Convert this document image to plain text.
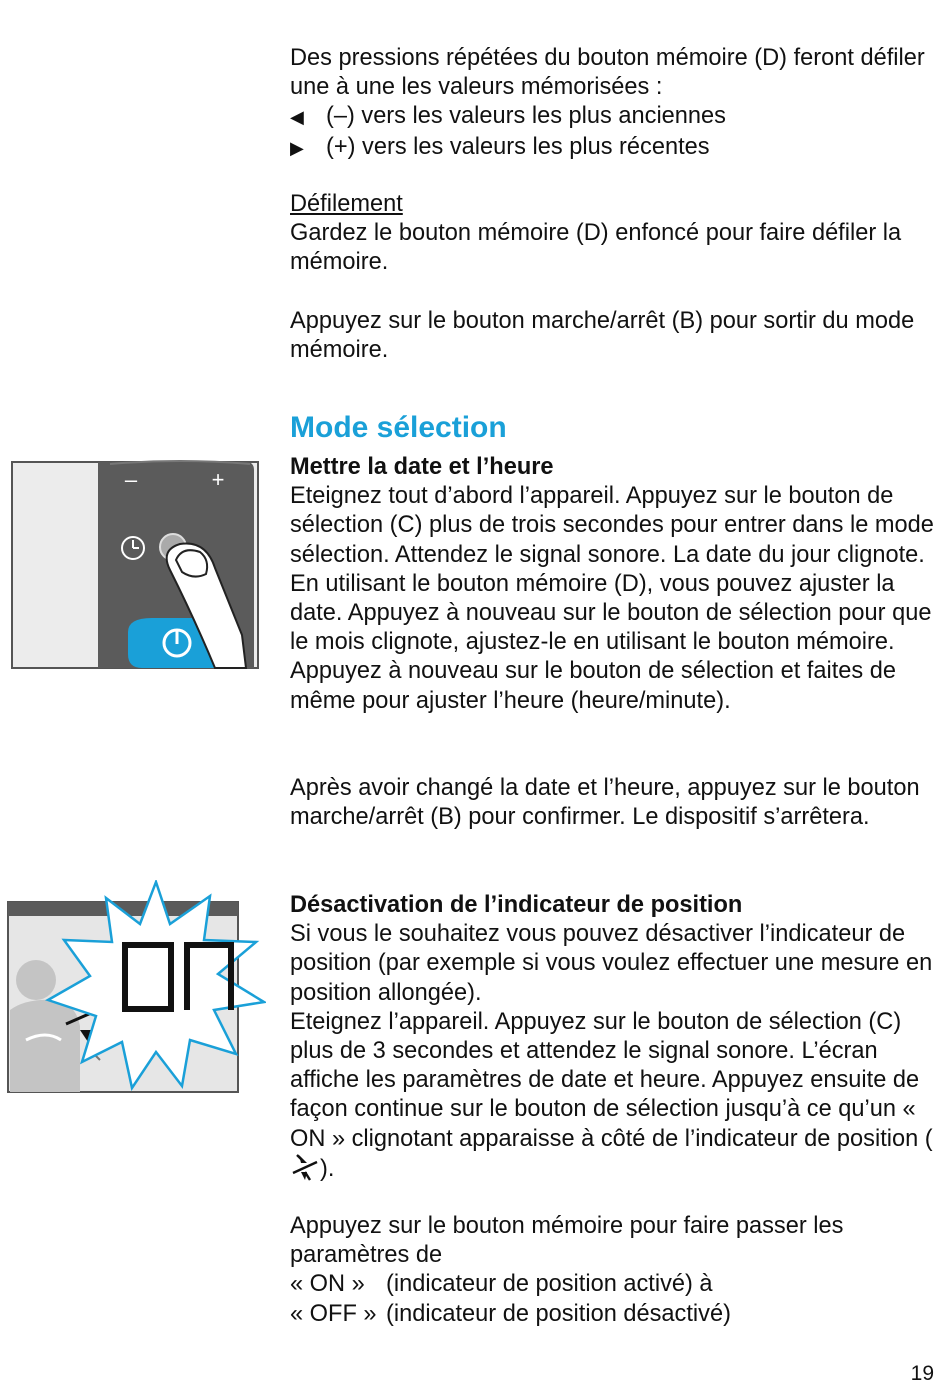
Des pressions répétées du bouton mémoire (D) feront défiler une à une les valeurs mémorisées :

◀ (–) vers les valeurs les plus anciennes
▶ (+) vers les valeurs les plus récentes

Défilement

Gardez le bouton mémoire (D) enfoncé pour faire défiler la mémoire.

Appuyez sur le bouton marche/arrêt (B) pour sortir du mode mémoire.

Mode sélection

Mettre la date et l’heure

Eteignez tout d’abord l’appareil. Appuyez sur le bouton de sélection (C) plus de trois secondes pour entrer dans le mode sélection. Attendez le signal sonore. La date du jour clignote. En utilisant le bouton mémoire (D), vous pouvez ajuster la date. Appuyez à nouveau sur le bouton de sélection pour que le mois clignote, ajustez-le en utilisant le bouton mémoire. Appuyez à nouveau sur le bouton de sélection et faites de même pour ajuster l’heure (heure/minute).

Après avoir changé la date et l’heure, appuyez sur le bouton marche/arrêt (B) pour confirmer. Le dispositif s’arrêtera.

Désactivation de l’indicateur de position

Si vous le souhaitez vous pouvez désactiver l’indicateur de position (par exemple si vous voulez effectuer une mesure en position allongée).

Eteignez l’appareil. Appuyez sur le bouton de sélection (C) plus de 3 secondes et attendez le signal sonore. L’écran affiche les paramètres de date et heure. Appuyez ensuite de façon continue sur le bouton de sélection jusqu’à ce qu’un « ON » clignotant apparaisse à côté de l’indicateur de position ().

Appuyez sur le bouton mémoire pour faire passer les paramètres de

« ON » (indicateur de position activé) à

« OFF » (indicateur de position désactivé)

–	+
19
